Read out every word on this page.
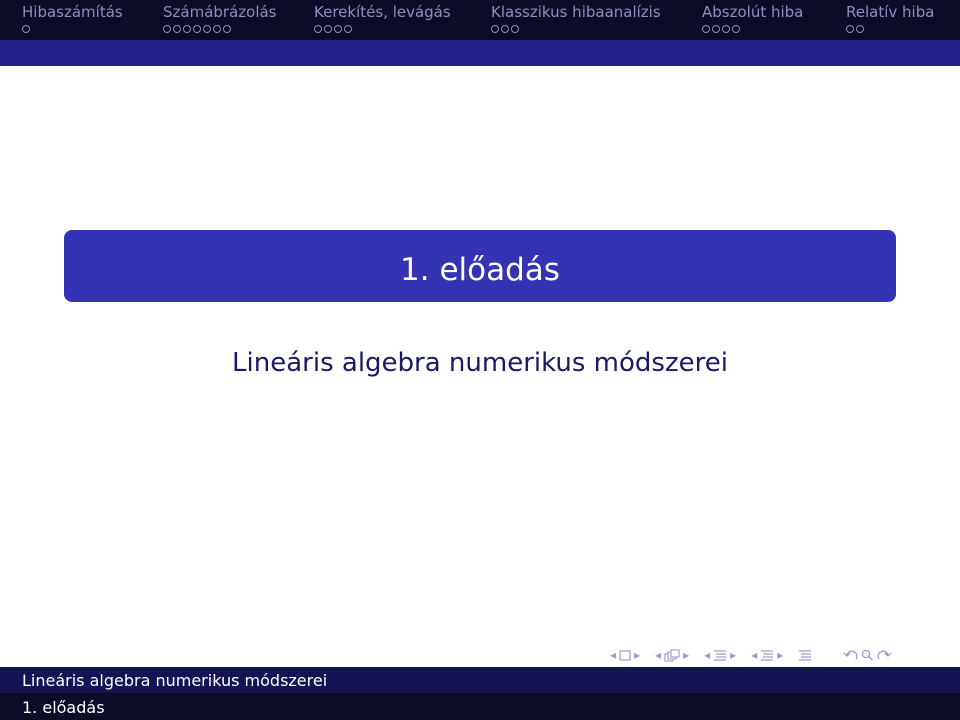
Hibaszámítás	Számábrázolás	Kerekítés, levágás	Klasszikus hibaanalízis	Abszolút hiba	Relatív hiba
1. előadás
Lineáris algebra numerikus módszerei
◂ ▸ ◂ ▸ ◂ ▸ ◂ ▸
Lineáris algebra numerikus módszerei
1. előadás
